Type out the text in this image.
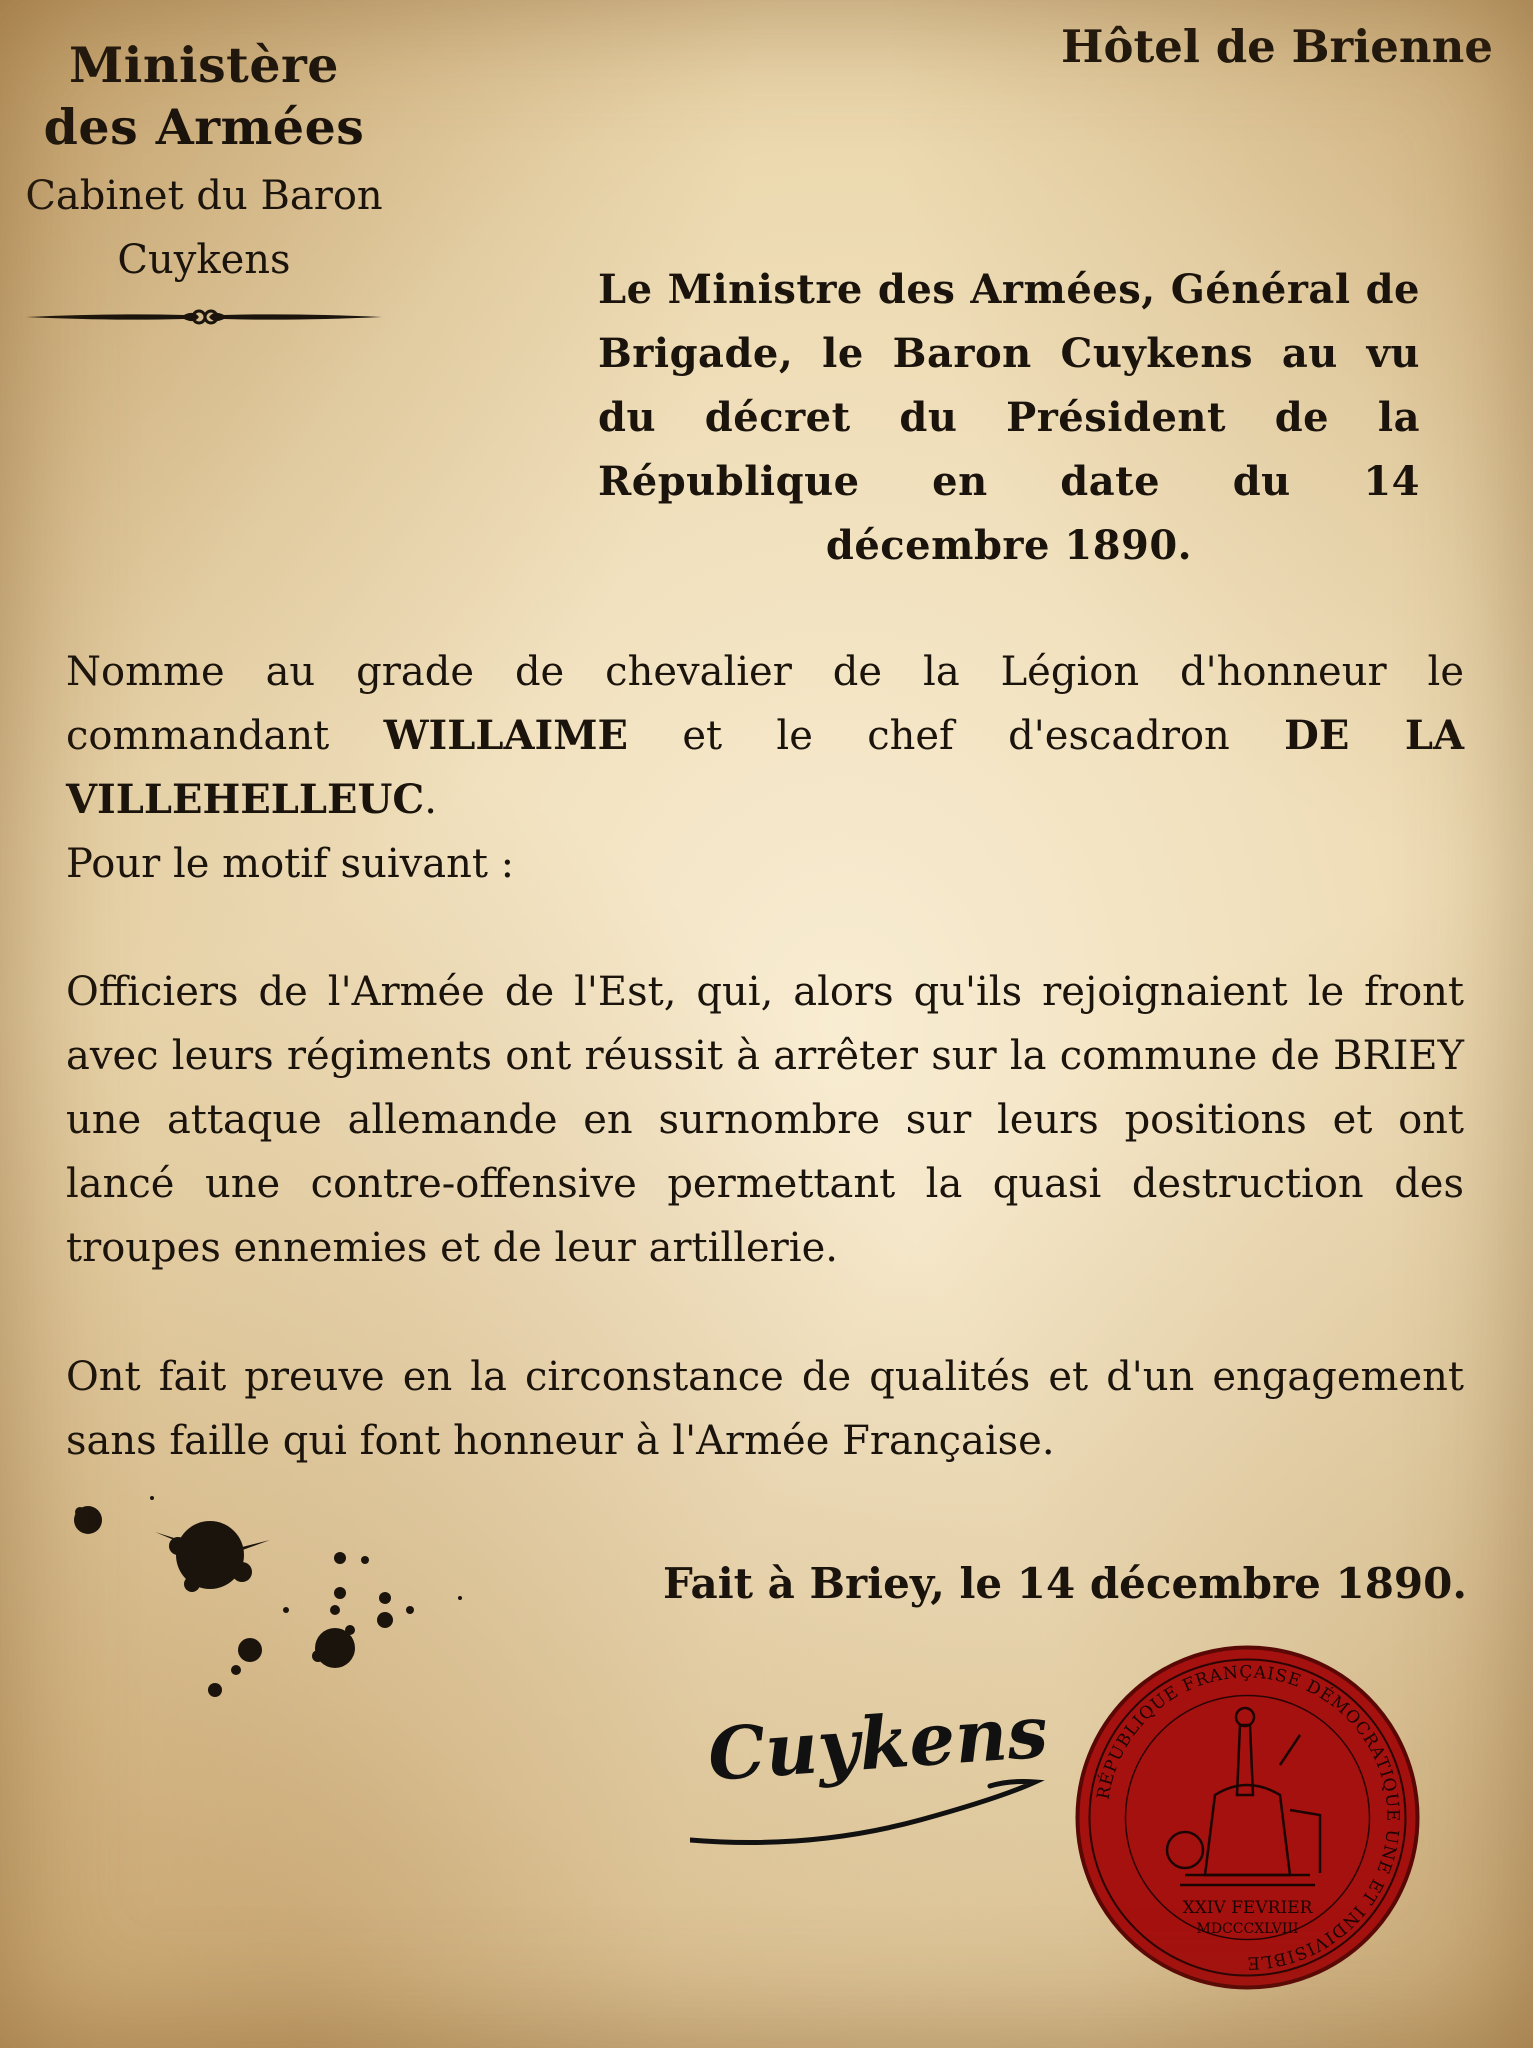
Ministère
des Armées
Cabinet du Baron
Cuykens
Hôtel de Brienne
Le Ministre des Armées, Général de Brigade, le Baron Cuykens au vu du décret du Président de la République en date du 14 décembre 1890.
Nomme au grade de chevalier de la Légion d'honneur le commandant WILLAIME et le chef d'escadron DE LA VILLEHELLEUC.
Pour le motif suivant :
Officiers de l'Armée de l'Est, qui, alors qu'ils rejoignaient le front avec leurs régiments ont réussit à arrêter sur la commune de BRIEY une attaque allemande en surnombre sur leurs positions et ont lancé une contre-offensive permettant la quasi destruction des troupes ennemies et de leur artillerie.
Ont fait preuve en la circonstance de qualités et d'un engagement sans faille qui font honneur à l'Armée Française.
Fait à Briey, le 14 décembre 1890.
Cuykens	RÉPUBLIQUE FRANÇAISE DÉMOCRATIQUE UNE ET INDIVISIBLE
XXIV FEVRIER
MDCCCXLVIII
